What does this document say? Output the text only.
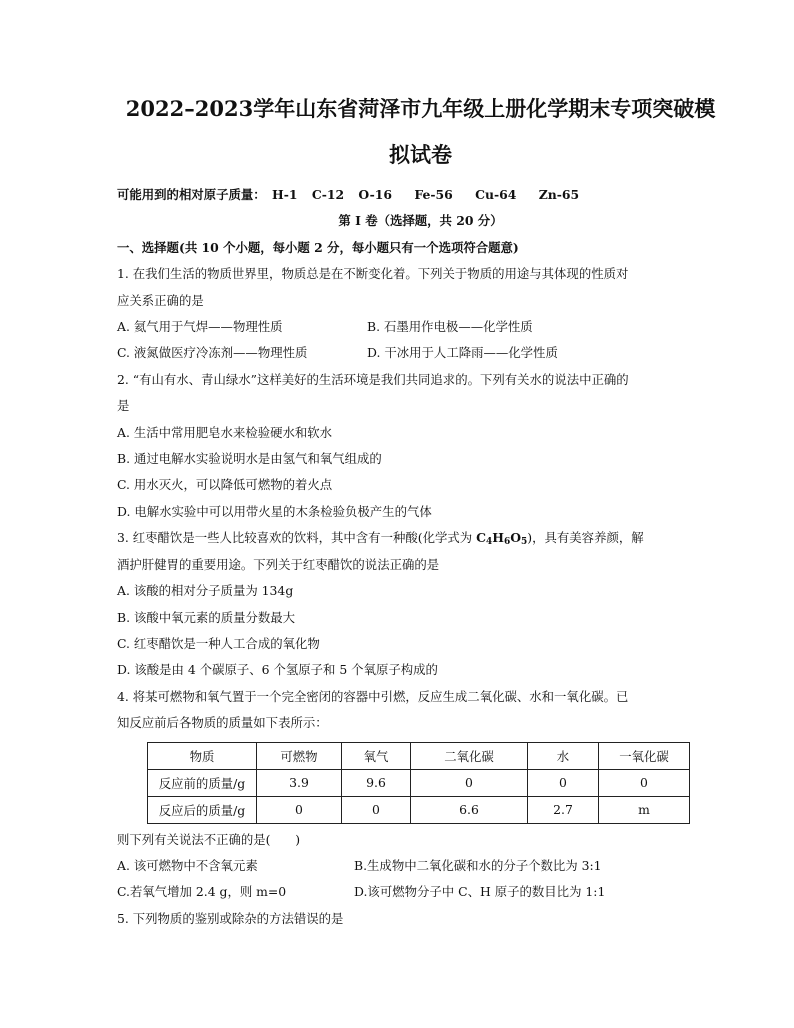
2022–2023学年山东省菏泽市九年级上册化学期末专项突破模
拟试卷
可能用到的相对原子质量： H-1 C-12 O-16 Fe-56 Cu-64 Zn-65
第 I 卷（选择题，共 20 分）
一、选择题(共 10 个小题，每小题 2 分，每小题只有一个选项符合题意)
1. 在我们生活的物质世界里，物质总是在不断变化着。下列关于物质的用途与其体现的性质对
应关系正确的是
A. 氦气用于气焊——物理性质	B. 石墨用作电极——化学性质
C. 液氮做医疗冷冻剂——物理性质	D. 干冰用于人工降雨——化学性质
2. “有山有水、青山绿水”这样美好的生活环境是我们共同追求的。下列有关水的说法中正确的
是
A. 生活中常用肥皂水来检验硬水和软水
B. 通过电解水实验说明水是由氢气和氧气组成的
C. 用水灭火，可以降低可燃物的着火点
D. 电解水实验中可以用带火星的木条检验负极产生的气体
3. 红枣醋饮是一些人比较喜欢的饮料，其中含有一种酸(化学式为 $C_4H_6O_5$)，具有美容养颜，解
酒护肝健胃的重要用途。下列关于红枣醋饮的说法正确的是
A. 该酸的相对分子质量为 134g
B. 该酸中氧元素的质量分数最大
C. 红枣醋饮是一种人工合成的氧化物
D. 该酸是由 4 个碳原子、6 个氢原子和 5 个氧原子构成的
4. 将某可燃物和氧气置于一个完全密闭的容器中引燃，反应生成二氧化碳、水和一氧化碳。已
知反应前后各物质的质量如下表所示：
物质	可燃物	氧气	二氧化碳	水	一氧化碳
反应前的质量/g	3.9	9.6	0	0	0
反应后的质量/g	0	0	6.6	2.7	m
则下列有关说法不正确的是(　　)
A. 该可燃物中不含氧元素	B.生成物中二氧化碳和水的分子个数比为 3:1
C.若氧气增加 2.4 g，则 m=0	D.该可燃物分子中 C、H 原子的数目比为 1:1
5. 下列物质的鉴别或除杂的方法错误的是
